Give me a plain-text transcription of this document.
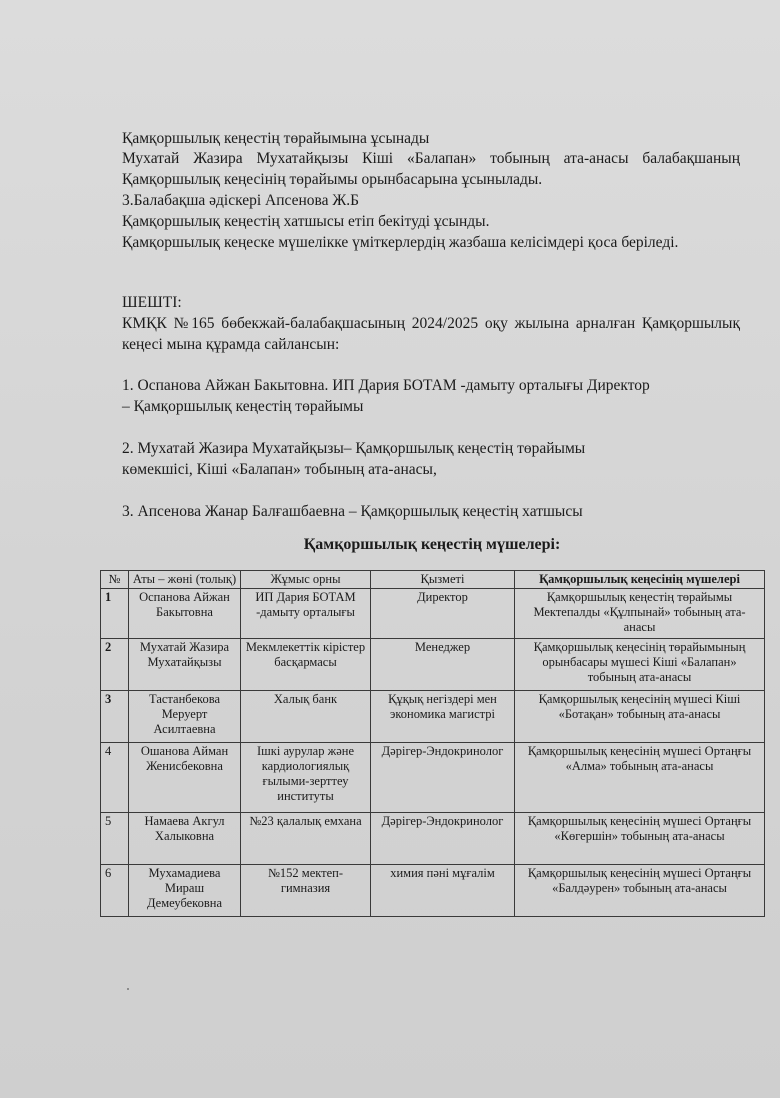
Қамқоршылық кеңестің төрайымына ұсынады
Мухатай Жазира Мухатайқызы Кіші «Балапан» тобының ата-анасы балабақшаның Қамқоршылық кеңесінің төрайымы орынбасарына ұсынылады.
3.Балабақша әдіскері Апсенова Ж.Б
Қамқоршылық кеңестің хатшысы етіп бекітуді ұсынды.
Қамқоршылық кеңеске мүшелікке үміткерлердің жазбаша келісімдері қоса беріледі.
ШЕШТІ:
КМҚК №165 бөбекжай-балабақшасының 2024/2025 оқу жылына арналған Қамқоршылық кеңесі мына құрамда сайлансын:
1. Оспанова Айжан Бакытовна. ИП Дария БОТАМ -дамыту орталығы Директор
– Қамқоршылық кеңестің төрайымы
2. Мухатай Жазира Мухатайқызы– Қамқоршылық кеңестің төрайымы
көмекшісі, Кіші «Балапан» тобының ата-анасы,
3. Апсенова Жанар Балғашбаевна – Қамқоршылық кеңестің хатшысы
Қамқоршылық кеңестің мүшелері:
№	Аты – жөні (толық)	Жұмыс орны	Қызметі	Қамқоршылық кеңесінің мүшелері
1	Оспанова Айжан Бакытовна	ИП Дария БОТАМ -дамыту орталығы	Директор	Қамқоршылық кеңестің төрайымы Мектепалды «Құлпынай» тобының ата-анасы
2	Мухатай Жазира Мухатайқызы	Мекмлекеттік кірістер басқармасы	Менеджер	Қамқоршылық кеңесінің төрайымының орынбасары мүшесі Кіші «Балапан» тобының ата-анасы
3	Тастанбекова Меруерт Асилтаевна	Халық банк	Құқық негіздері мен экономика магистрі	Қамқоршылық кеңесінің мүшесі Кіші «Ботақан» тобының ата-анасы
4	Ошанова Айман Женисбековна	Ішкі аурулар және кардиологиялық ғылыми-зерттеу институты	Дәрігер-Эндокринолог	Қамқоршылық кеңесінің мүшесі Ортаңғы «Алма» тобының ата-анасы
5	Намаева Акгул Халыковна	№23 қалалық емхана	Дәрігер-Эндокринолог	Қамқоршылық кеңесінің мүшесі Ортаңғы «Көгершін» тобының ата-анасы
6	Мухамадиева Мираш Демеубековна	№152 мектеп-гимназия	химия пәні мұғалім	Қамқоршылық кеңесінің мүшесі Ортаңғы «Балдәурен» тобының ата-анасы
